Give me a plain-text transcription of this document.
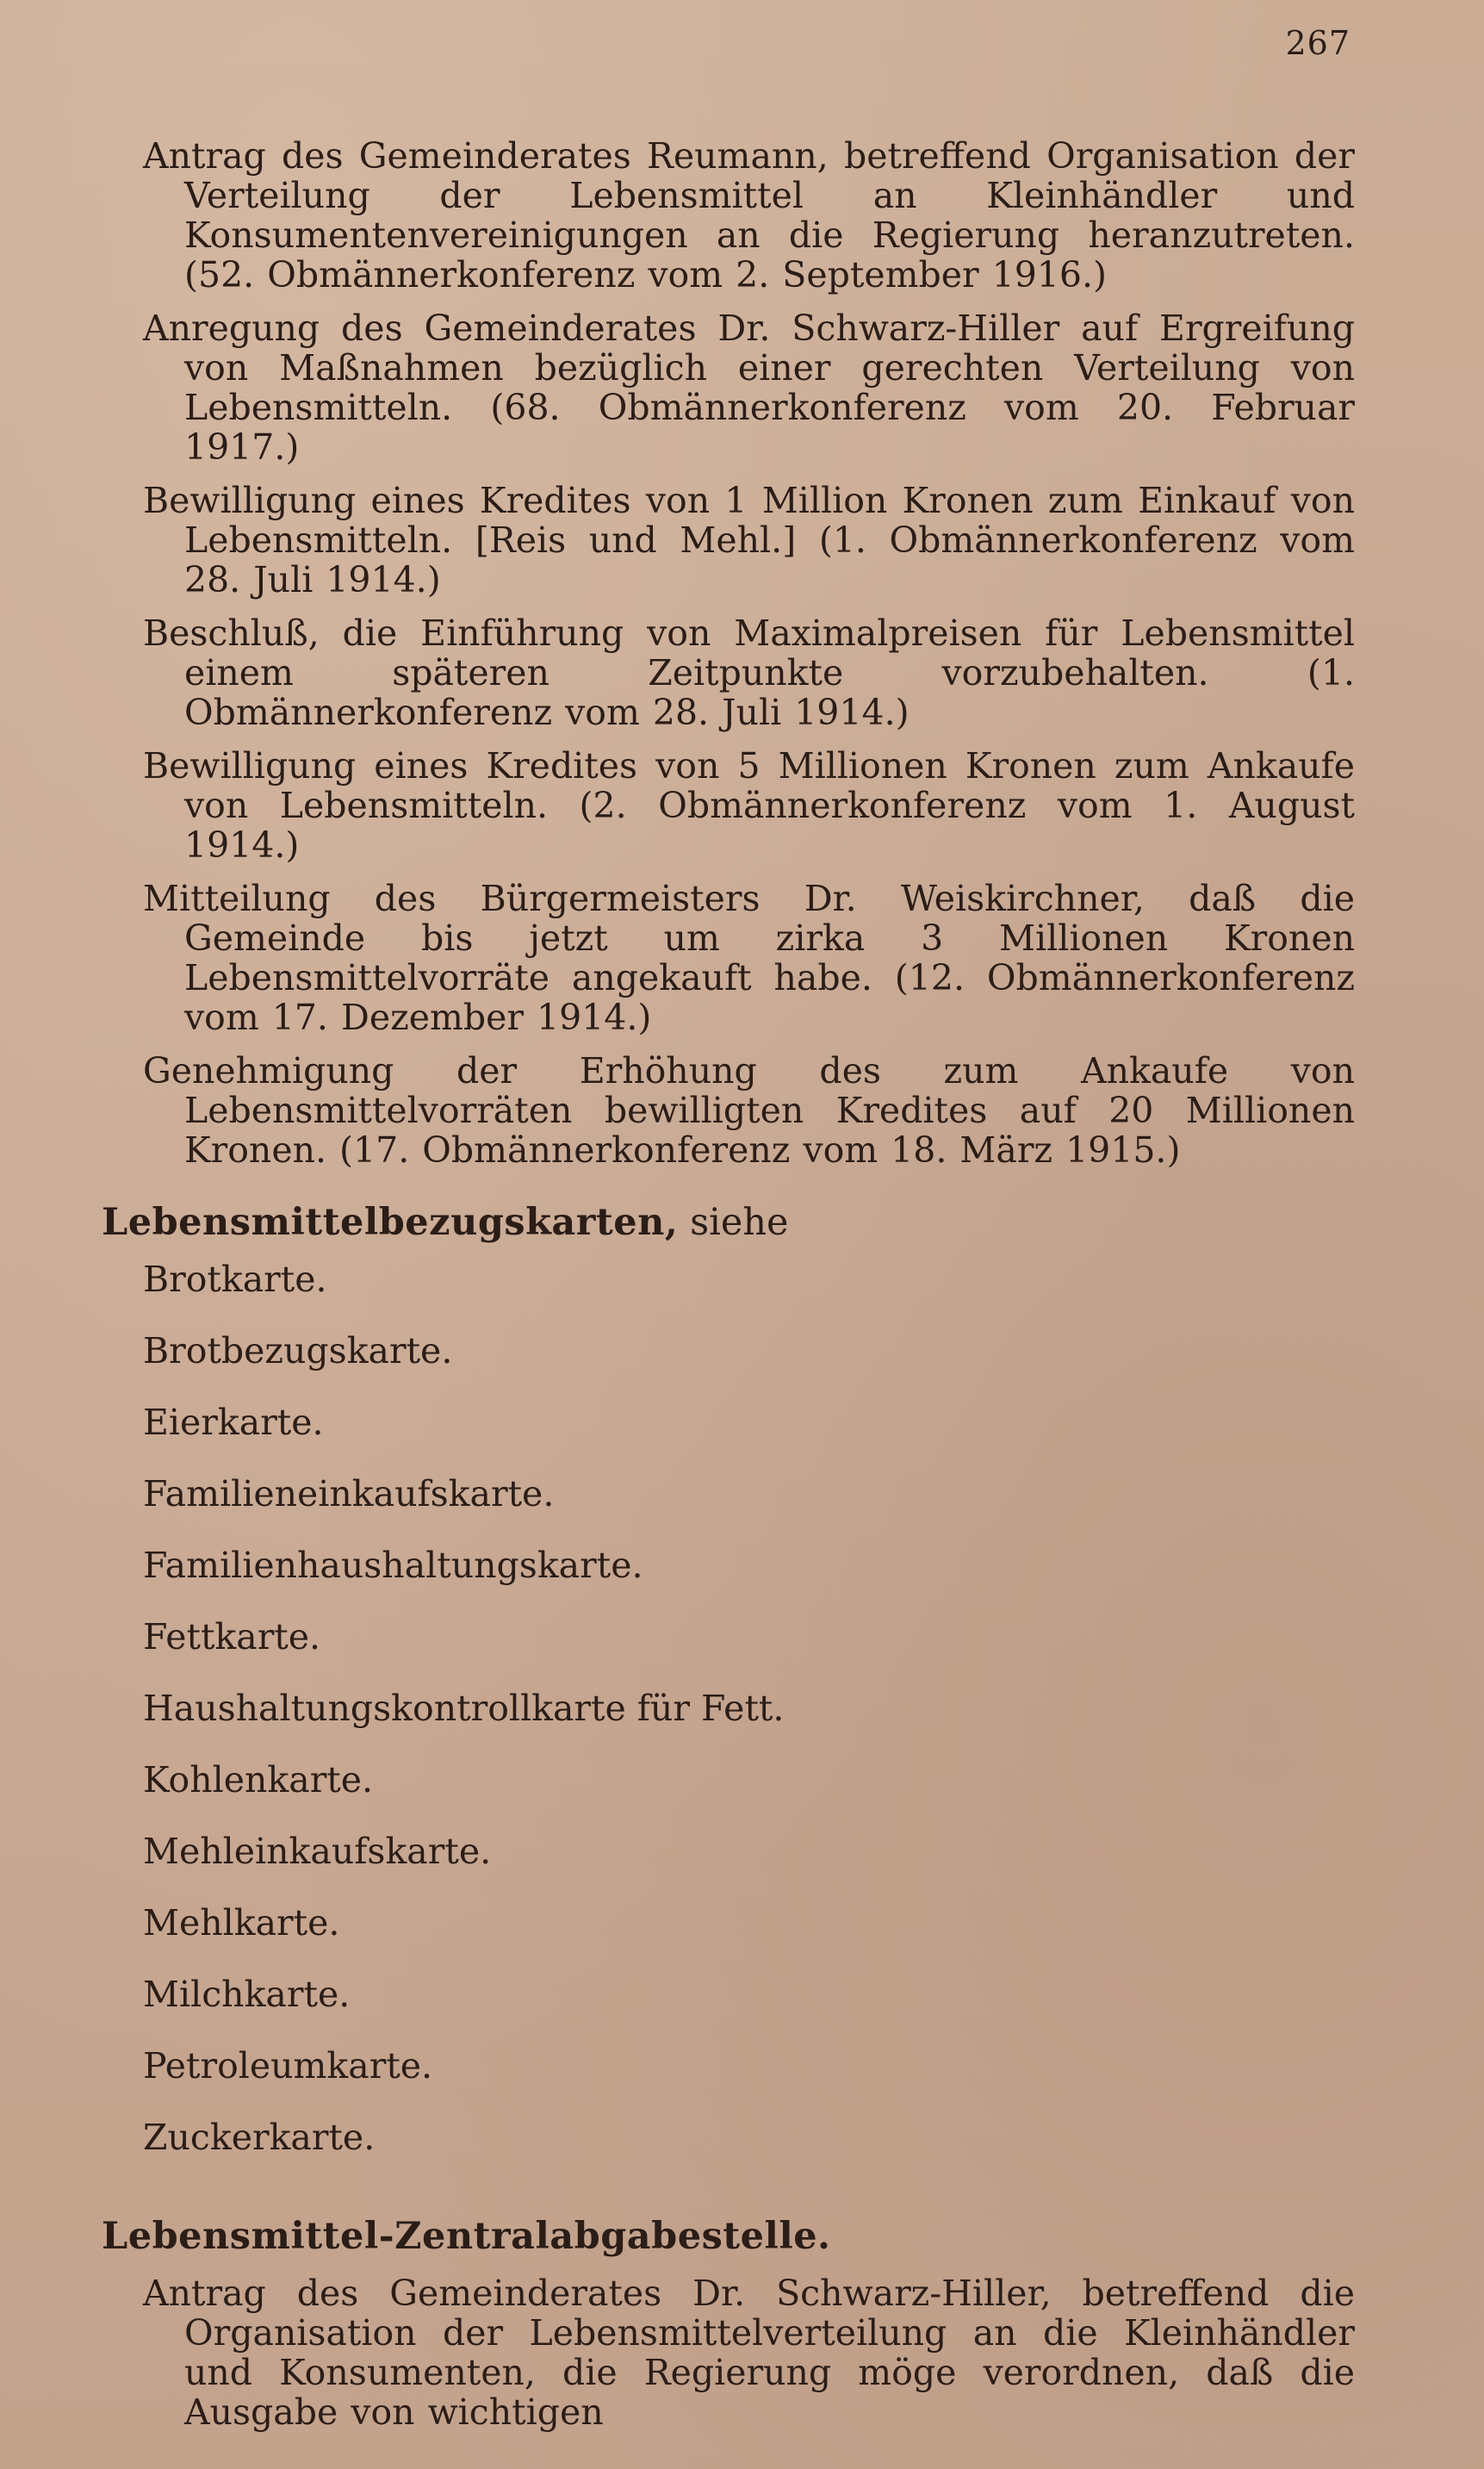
267
Antrag des Gemeinderates Reumann, betreffend Organisation der Verteilung der Lebensmittel an Kleinhändler und Konsumentenvereinigungen an die Regierung heranzutreten. (52. Obmännerkonferenz vom 2. September 1916.)
Anregung des Gemeinderates Dr. Schwarz-Hiller auf Ergreifung von Maßnahmen bezüglich einer gerechten Verteilung von Lebensmitteln. (68. Obmännerkonferenz vom 20. Februar 1917.)
Bewilligung eines Kredites von 1 Million Kronen zum Einkauf von Lebensmitteln. [Reis und Mehl.] (1. Obmännerkonferenz vom 28. Juli 1914.)
Beschluß, die Einführung von Maximalpreisen für Lebensmittel einem späteren Zeitpunkte vorzubehalten. (1. Obmännerkonferenz vom 28. Juli 1914.)
Bewilligung eines Kredites von 5 Millionen Kronen zum Ankaufe von Lebensmitteln. (2. Obmännerkonferenz vom 1. August 1914.)
Mitteilung des Bürgermeisters Dr. Weiskirchner, daß die Gemeinde bis jetzt um zirka 3 Millionen Kronen Lebensmittelvorräte angekauft habe. (12. Obmännerkonferenz vom 17. Dezember 1914.)
Genehmigung der Erhöhung des zum Ankaufe von Lebensmittelvorräten bewilligten Kredites auf 20 Millionen Kronen. (17. Obmännerkonferenz vom 18. März 1915.)
Lebensmittelbezugskarten, siehe
Brotkarte.
Brotbezugskarte.
Eierkarte.
Familieneinkaufskarte.
Familienhaushaltungskarte.
Fettkarte.
Haushaltungskontrollkarte für Fett.
Kohlenkarte.
Mehleinkaufskarte.
Mehlkarte.
Milchkarte.
Petroleumkarte.
Zuckerkarte.
Lebensmittel-Zentralabgabestelle.
Antrag des Gemeinderates Dr. Schwarz-Hiller, betreffend die Organisation der Lebensmittelverteilung an die Kleinhändler und Konsumenten, die Regierung möge verordnen, daß die Ausgabe von wichtigen
